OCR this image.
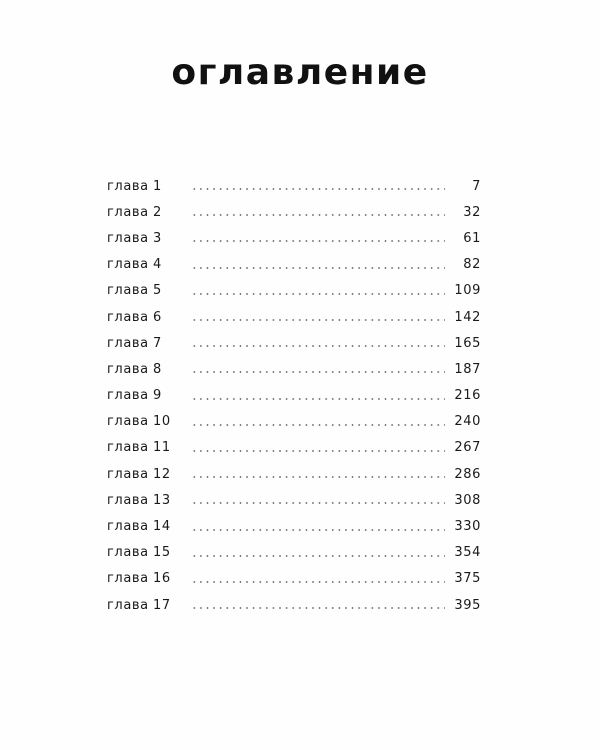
оглавление
глава 1	7
глава 2	32
глава 3	61
глава 4	82
глава 5	109
глава 6	142
глава 7	165
глава 8	187
глава 9	216
глава 10	240
глава 11	267
глава 12	286
глава 13	308
глава 14	330
глава 15	354
глава 16	375
глава 17	395
